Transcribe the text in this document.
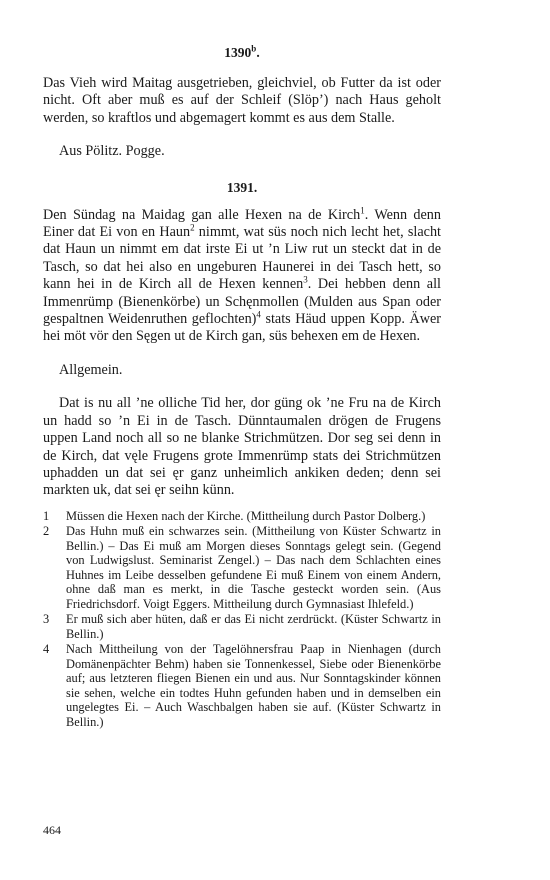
1390$^b$.

Das Vieh wird Maitag ausgetrieben, gleichviel, ob Futter da ist oder nicht. Oft aber muß es auf der Schleif (Slöp’) nach Haus geholt werden, so kraftlos und abgemagert kommt es aus dem Stalle.

Aus Pölitz. Pogge.

1391.

Den Sündag na Maidag gan alle Hexen na de Kirch$^1$. Wenn denn Einer dat Ei von en Haun$^2$ nimmt, wat süs noch nich lecht het, slacht dat Haun un nimmt em dat irste Ei ut ’n Liw rut un steckt dat in de Tasch, so dat hei also en ungeburen Haunerei in dei Tasch hett, so kann hei in de Kirch all de Hexen kennen$^3$. Dei hebben denn all Immenrümp (Bienenkörbe) un Schęnmollen (Mulden aus Span oder gespaltnen Weidenruthen geflochten)$^4$ stats Häud uppen Kopp. Äwer hei möt vör den Sęgen ut de Kirch gan, süs behexen em de Hexen.

Allgemein.

Dat is nu all ’ne olliche Tid her, dor güng ok ’ne Fru na de Kirch un hadd so ’n Ei in de Tasch. Dünntaumalen drögen de Frugens uppen Land noch all so ne blanke Strichmützen. Dor seg sei denn in de Kirch, dat vęle Frugens grote Immenrümp stats dei Strichmützen uphadden un dat sei ęr ganz unheimlich ankiken deden; denn sei markten uk, dat sei ęr seihn künn.

1	Müssen die Hexen nach der Kirche. (Mittheilung durch Pastor Dolberg.)
2	Das Huhn muß ein schwarzes sein. (Mittheilung von Küster Schwartz in Bellin.) – Das Ei muß am Morgen dieses Sonntags gelegt sein. (Gegend von Ludwigslust. Seminarist Zengel.) – Das nach dem Schlachten eines Huhnes im Leibe desselben gefundene Ei muß Einem von einem Andern, ohne daß man es merkt, in die Tasche gesteckt worden sein. (Aus Friedrichsdorf. Voigt Eggers. Mittheilung durch Gymnasiast Ihlefeld.)
3	Er muß sich aber hüten, daß er das Ei nicht zerdrückt. (Küster Schwartz in Bellin.)
4	Nach Mittheilung von der Tagelöhnersfrau Paap in Nienhagen (durch Domänenpächter Behm) haben sie Tonnenkessel, Siebe oder Bienenkörbe auf; aus letzteren fliegen Bienen ein und aus. Nur Sonntagskinder können sie sehen, welche ein todtes Huhn gefunden haben und in demselben ein ungelegtes Ei. – Auch Waschbalgen haben sie auf. (Küster Schwartz in Bellin.)
464
